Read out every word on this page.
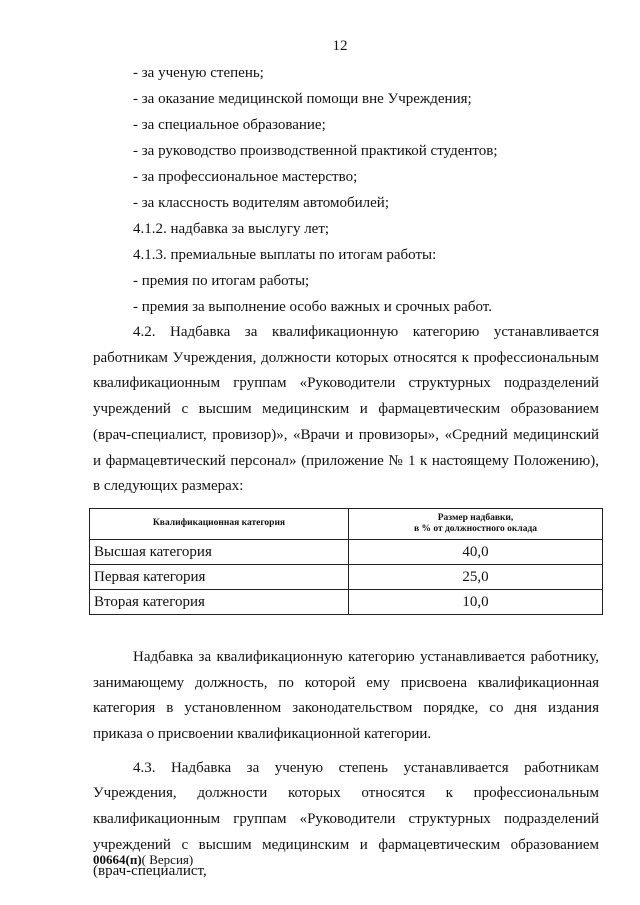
12
- за ученую степень;
- за оказание медицинской помощи вне Учреждения;
- за специальное образование;
- за руководство производственной практикой студентов;
- за профессиональное мастерство;
- за классность водителям автомобилей;
4.1.2. надбавка за выслугу лет;
4.1.3. премиальные выплаты по итогам работы:
- премия по итогам работы;
- премия за выполнение особо важных и срочных работ.

4.2. Надбавка за квалификационную категорию устанавливается работникам Учреждения, должности которых относятся к профессиональным квалификационным группам «Руководители структурных подразделений учреждений с высшим медицинским и фармацевтическим образованием (врач-специалист, провизор)», «Врачи и провизоры», «Средний медицинский и фармацевтический персонал» (приложение № 1 к настоящему Положению), в следующих размерах:

Квалификационная категория	Размер надбавки,
в % от должностного оклада
Высшая категория	40,0
Первая категория	25,0
Вторая категория	10,0

Надбавка за квалификационную категорию устанавливается работнику, занимающему должность, по которой ему присвоена квалификационная категория в установленном законодательством порядке, со дня издания приказа о присвоении квалификационной категории.

4.3. Надбавка за ученую степень устанавливается работникам Учреждения, должности которых относятся к профессиональным квалификационным группам «Руководители структурных подразделений учреждений с высшим медицинским и фармацевтическим образованием (врач-специалист,

00664(п)( Версия)
